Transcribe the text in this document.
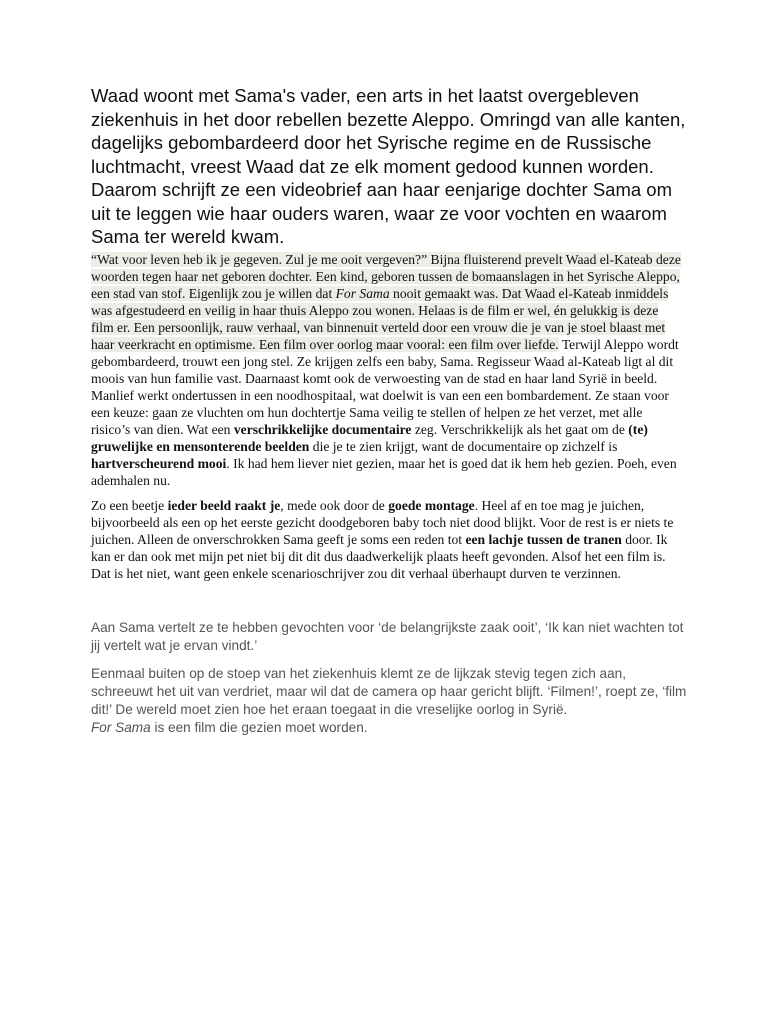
Waad woont met Sama's vader, een arts in het laatst overgebleven ziekenhuis in het door rebellen bezette Aleppo. Omringd van alle kanten, dagelijks gebombardeerd door het Syrische regime en de Russische luchtmacht, vreest Waad dat ze elk moment gedood kunnen worden. Daarom schrijft ze een videobrief aan haar eenjarige dochter Sama om uit te leggen wie haar ouders waren, waar ze voor vochten en waarom Sama ter wereld kwam.

“Wat voor leven heb ik je gegeven. Zul je me ooit vergeven?” Bijna fluisterend prevelt Waad el-Kateab deze woorden tegen haar net geboren dochter. Een kind, geboren tussen de bomaanslagen in het Syrische Aleppo, een stad van stof. Eigenlijk zou je willen dat For Sama nooit gemaakt was. Dat Waad el-Kateab inmiddels was afgestudeerd en veilig in haar thuis Aleppo zou wonen. Helaas is de film er wel, én gelukkig is deze film er. Een persoonlijk, rauw verhaal, van binnenuit verteld door een vrouw die je van je stoel blaast met haar veerkracht en optimisme. Een film over oorlog maar vooral: een film over liefde. Terwijl Aleppo wordt gebombardeerd, trouwt een jong stel. Ze krijgen zelfs een baby, Sama. Regisseur Waad al-Kateab ligt al dit moois van hun familie vast. Daarnaast komt ook de verwoesting van de stad en haar land Syrië in beeld. Manlief werkt ondertussen in een noodhospitaal, wat doelwit is van een een bombardement. Ze staan voor een keuze: gaan ze vluchten om hun dochtertje Sama veilig te stellen of helpen ze het verzet, met alle risico’s van dien. Wat een verschrikkelijke documentaire zeg. Verschrikkelijk als het gaat om de (te) gruwelijke en mensonterende beelden die je te zien krijgt, want de documentaire op zichzelf is hartverscheurend mooi. Ik had hem liever niet gezien, maar het is goed dat ik hem heb gezien. Poeh, even ademhalen nu.

Zo een beetje ieder beeld raakt je, mede ook door de goede montage. Heel af en toe mag je juichen, bijvoorbeeld als een op het eerste gezicht doodgeboren baby toch niet dood blijkt. Voor de rest is er niets te juichen. Alleen de onverschrokken Sama geeft je soms een reden tot een lachje tussen de tranen door. Ik kan er dan ook met mijn pet niet bij dit dit dus daadwerkelijk plaats heeft gevonden. Alsof het een film is. Dat is het niet, want geen enkele scenarioschrijver zou dit verhaal überhaupt durven te verzinnen.

Aan Sama vertelt ze te hebben gevochten voor ‘de belangrijkste zaak ooit’, ‘Ik kan niet wachten tot jij vertelt wat je ervan vindt.’

Eenmaal buiten op de stoep van het ziekenhuis klemt ze de lijkzak stevig tegen zich aan, schreeuwt het uit van verdriet, maar wil dat de camera op haar gericht blijft. ‘Filmen!’, roept ze, ‘film dit!’ De wereld moet zien hoe het eraan toegaat in die vreselijke oorlog in Syrië.
For Sama is een film die gezien moet worden.
